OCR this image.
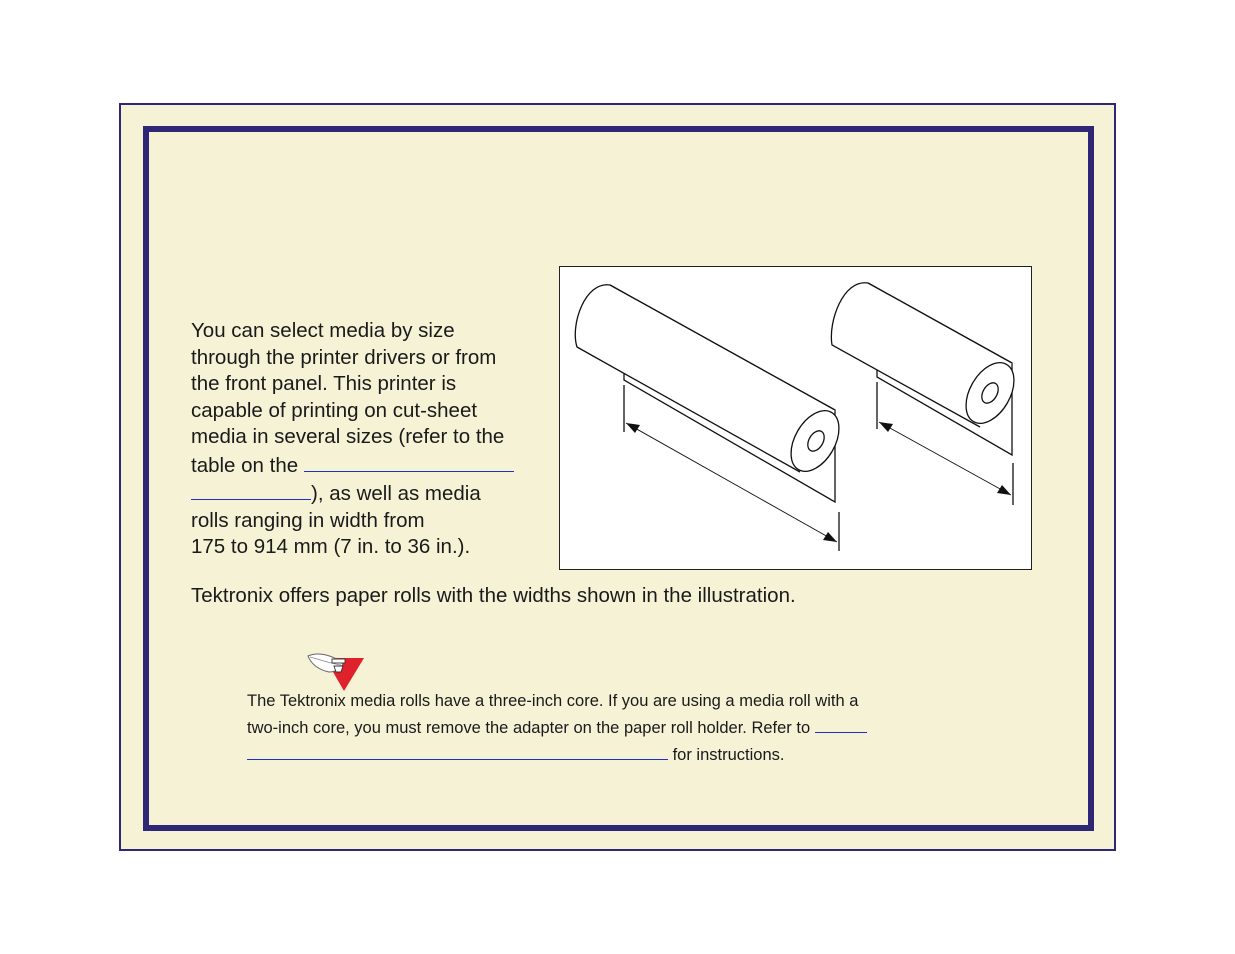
You can select media by size
through the printer drivers or from
the front panel. This printer is
capable of printing on cut-sheet
media in several sizes (refer to the
table on the
), as well as media
rolls ranging in width from
175 to 914 mm (7 in. to 36 in.).

Tektronix offers paper rolls with the widths shown in the illustration.

The Tektronix media rolls have a three-inch core. If you are using a media roll with a
two-inch core, you must remove the adapter on the paper roll holder. Refer to
for instructions.
